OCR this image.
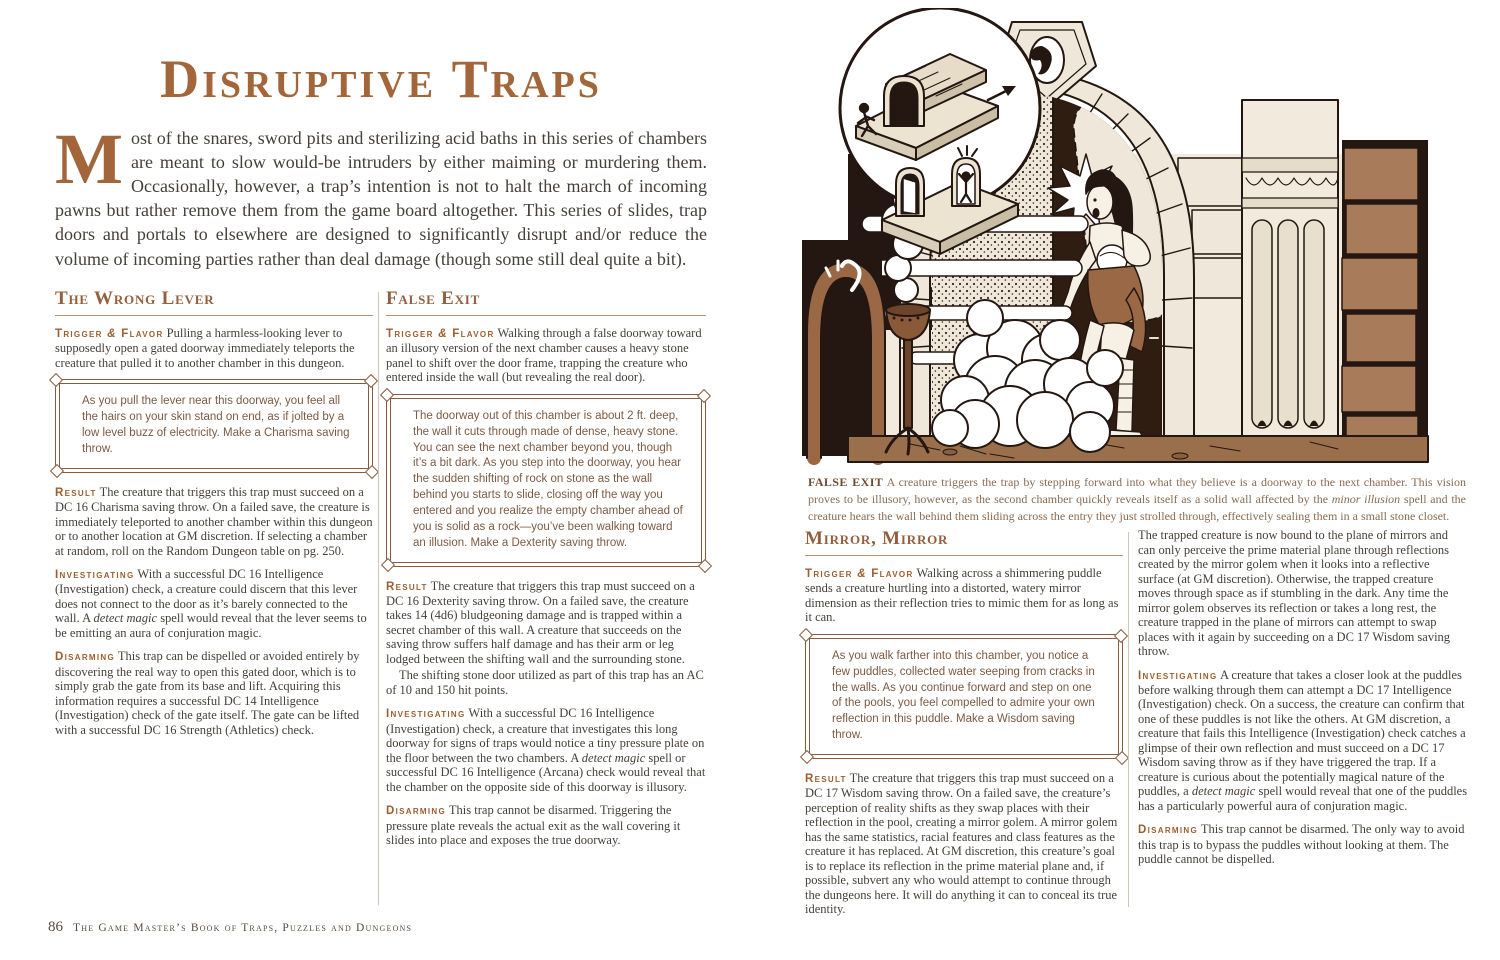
Disruptive Traps

Most of the snares, sword pits and sterilizing acid baths in this series of chambers are meant to slow would-be intruders by either maiming or murdering them. Occasionally, however, a trap’s intention is not to halt the march of incoming pawns but rather remove them from the game board altogether. This series of slides, trap doors and portals to elsewhere are designed to significantly disrupt and/or reduce the volume of incoming parties rather than deal damage (though some still deal quite a bit).

The Wrong Lever

Trigger & Flavor Pulling a harmless-looking lever to supposedly open a gated doorway immediately teleports the creature that pulled it to another chamber in this dungeon.

As you pull the lever near this doorway, you feel all the hairs on your skin stand on end, as if jolted by a low level buzz of electricity. Make a Charisma saving throw.

Result The creature that triggers this trap must succeed on a DC 16 Charisma saving throw. On a failed save, the creature is immediately teleported to another chamber within this dungeon or to another location at GM discretion. If selecting a chamber at random, roll on the Random Dungeon table on pg. 250.

Investigating With a successful DC 16 Intelligence (Investigation) check, a creature could discern that this lever does not connect to the door as it’s barely connected to the wall. A detect magic spell would reveal that the lever seems to be emitting an aura of conjuration magic.

Disarming This trap can be dispelled or avoided entirely by discovering the real way to open this gated door, which is to simply grab the gate from its base and lift. Acquiring this information requires a successful DC 14 Intelligence (Investigation) check of the gate itself. The gate can be lifted with a successful DC 16 Strength (Athletics) check.

False Exit

Trigger & Flavor Walking through a false doorway toward an illusory version of the next chamber causes a heavy stone panel to shift over the door frame, trapping the creature who entered inside the wall (but revealing the real door).

The doorway out of this chamber is about 2 ft. deep, the wall it cuts through made of dense, heavy stone. You can see the next chamber beyond you, though it’s a bit dark. As you step into the doorway, you hear the sudden shifting of rock on stone as the wall behind you starts to slide, closing off the way you entered and you realize the empty chamber ahead of you is solid as a rock—you’ve been walking toward an illusion. Make a Dexterity saving throw.

Result The creature that triggers this trap must succeed on a DC 16 Dexterity saving throw. On a failed save, the creature takes 14 (4d6) bludgeoning damage and is trapped within a secret chamber of this wall. A creature that succeeds on the saving throw suffers half damage and has their arm or leg lodged between the shifting wall and the surrounding stone.

The shifting stone door utilized as part of this trap has an AC of 10 and 150 hit points.

Investigating With a successful DC 16 Intelligence (Investigation) check, a creature that investigates this long doorway for signs of traps would notice a tiny pressure plate on the floor between the two chambers. A detect magic spell or successful DC 16 Intelligence (Arcana) check would reveal that the chamber on the opposite side of this doorway is illusory.

Disarming This trap cannot be disarmed. Triggering the pressure plate reveals the actual exit as the wall covering it slides into place and exposes the true doorway.

86 The Game Master’s Book of Traps, Puzzles and Dungeons

FALSE EXIT A creature triggers the trap by stepping forward into what they believe is a doorway to the next chamber. This vision proves to be illusory, however, as the second chamber quickly reveals itself as a solid wall affected by the minor illusion spell and the creature hears the wall behind them sliding across the entry they just strolled through, effectively sealing them in a small stone closet.

Mirror, Mirror

Trigger & Flavor Walking across a shimmering puddle sends a creature hurtling into a distorted, watery mirror dimension as their reflection tries to mimic them for as long as it can.

As you walk farther into this chamber, you notice a few puddles, collected water seeping from cracks in the walls. As you continue forward and step on one of the pools, you feel compelled to admire your own reflection in this puddle. Make a Wisdom saving throw.

Result The creature that triggers this trap must succeed on a DC 17 Wisdom saving throw. On a failed save, the creature’s perception of reality shifts as they swap places with their reflection in the pool, creating a mirror golem. A mirror golem has the same statistics, racial features and class features as the creature it has replaced. At GM discretion, this creature’s goal is to replace its reflection in the prime material plane and, if possible, subvert any who would attempt to continue through the dungeons here. It will do anything it can to conceal its true identity.

The trapped creature is now bound to the plane of mirrors and can only perceive the prime material plane through reflections created by the mirror golem when it looks into a reflective surface (at GM discretion). Otherwise, the trapped creature moves through space as if stumbling in the dark. Any time the mirror golem observes its reflection or takes a long rest, the creature trapped in the plane of mirrors can attempt to swap places with it again by succeeding on a DC 17 Wisdom saving throw.

Investigating A creature that takes a closer look at the puddles before walking through them can attempt a DC 17 Intelligence (Investigation) check. On a success, the creature can confirm that one of these puddles is not like the others. At GM discretion, a creature that fails this Intelligence (Investigation) check catches a glimpse of their own reflection and must succeed on a DC 17 Wisdom saving throw as if they have triggered the trap. If a creature is curious about the potentially magical nature of the puddles, a detect magic spell would reveal that one of the puddles has a particularly powerful aura of conjuration magic.

Disarming This trap cannot be disarmed. The only way to avoid this trap is to bypass the puddles without looking at them. The puddle cannot be dispelled.
